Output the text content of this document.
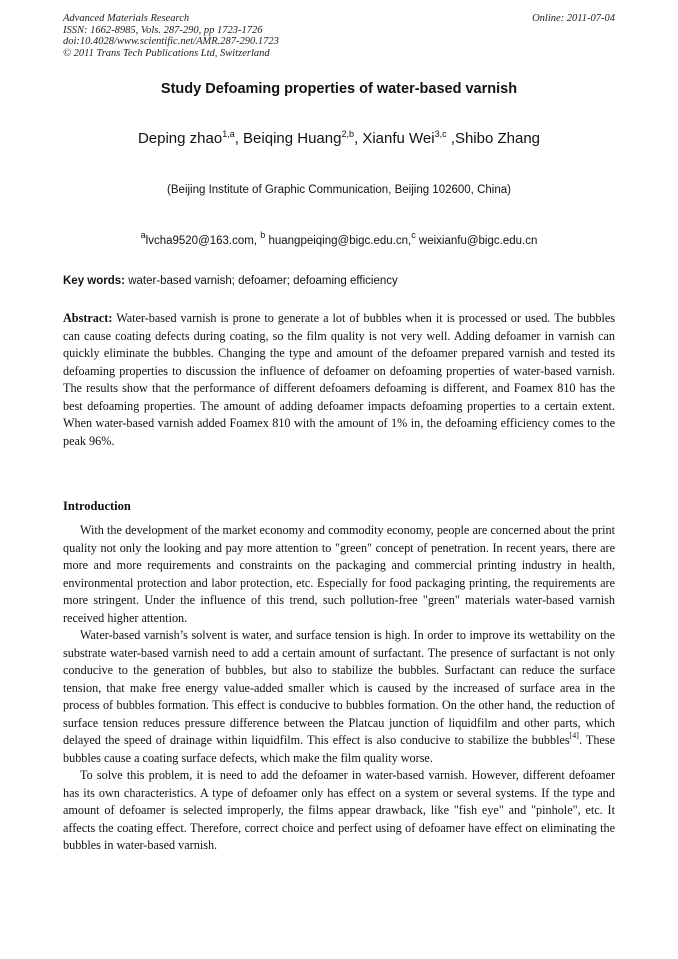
Advanced Materials Research
ISSN: 1662-8985, Vols. 287-290, pp 1723-1726
doi:10.4028/www.scientific.net/AMR.287-290.1723
© 2011 Trans Tech Publications Ltd, Switzerland
Online: 2011-07-04
Study Defoaming properties of water-based varnish
Deping zhao$^{1,a}$, Beiqing Huang$^{2,b}$, Xianfu Wei$^{3,c}$ ,Shibo Zhang
(Beijing Institute of Graphic Communication, Beijing 102600, China)
$^a$lvcha9520@163.com, $^b$ huangpeiqing@bigc.edu.cn,$^c$ weixianfu@bigc.edu.cn
Key words: water-based varnish; defoamer; defoaming efficiency
Abstract: Water-based varnish is prone to generate a lot of bubbles when it is processed or used. The bubbles can cause coating defects during coating, so the film quality is not very well. Adding defoamer in varnish can quickly eliminate the bubbles. Changing the type and amount of the defoamer prepared varnish and tested its defoaming properties to discussion the influence of defoamer on defoaming properties of water-based varnish. The results show that the performance of different defoamers defoaming is different, and Foamex 810 has the best defoaming properties. The amount of adding defoamer impacts defoaming properties to a certain extent. When water-based varnish added Foamex 810 with the amount of 1% in, the defoaming efficiency comes to the peak 96%.
Introduction

With the development of the market economy and commodity economy, people are concerned about the print quality not only the looking and pay more attention to "green" concept of penetration. In recent years, there are more and more requirements and constraints on the packaging and commercial printing industry in health, environmental protection and labor protection, etc. Especially for food packaging printing, the requirements are more stringent. Under the influence of this trend, such pollution-free "green" materials water-based varnish received higher attention.

Water-based varnish’s solvent is water, and surface tension is high. In order to improve its wettability on the substrate water-based varnish need to add a certain amount of surfactant. The presence of surfactant is not only conducive to the generation of bubbles, but also to stabilize the bubbles. Surfactant can reduce the surface tension, that make free energy value-added smaller which is caused by the increased of surface area in the process of bubbles formation. This effect is conducive to bubbles formation. On the other hand, the reduction of surface tension reduces pressure difference between the Platcau junction of liquidfilm and other parts, which delayed the speed of drainage within liquidfilm. This effect is also conducive to stabilize the bubbles[4]. These bubbles cause a coating surface defects, which make the film quality worse.

To solve this problem, it is need to add the defoamer in water-based varnish. However, different defoamer has its own characteristics. A type of defoamer only has effect on a system or several systems. If the type and amount of defoamer is selected improperly, the films appear drawback, like "fish eye" and "pinhole", etc. It affects the coating effect. Therefore, correct choice and perfect using of defoamer have effect on eliminating the bubbles in water-based varnish.
